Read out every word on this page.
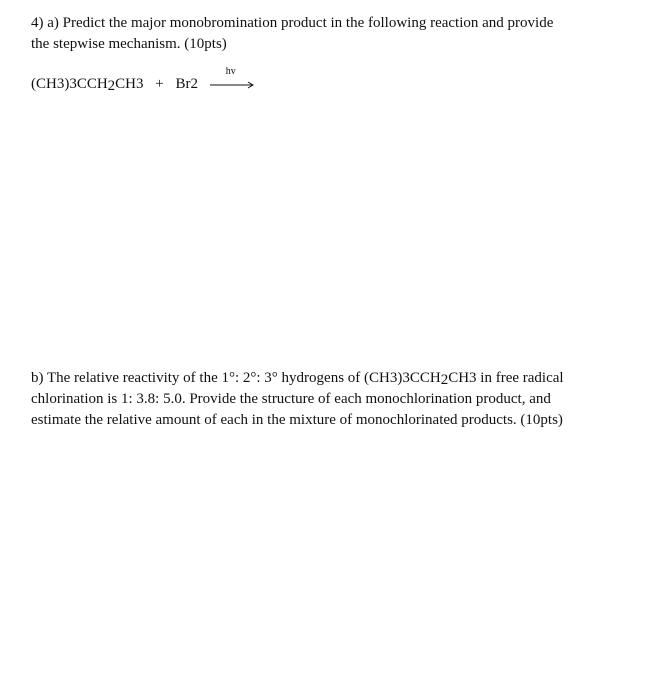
4) a) Predict the major monobromination product in the following reaction and provide
the stepwise mechanism. (10pts)

(CH3)3CCH2CH3 + Br2
hv

b) The relative reactivity of the 1°: 2°: 3° hydrogens of (CH3)3CCH2CH3 in free radical
chlorination is 1: 3.8: 5.0. Provide the structure of each monochlorination product, and
estimate the relative amount of each in the mixture of monochlorinated products. (10pts)
